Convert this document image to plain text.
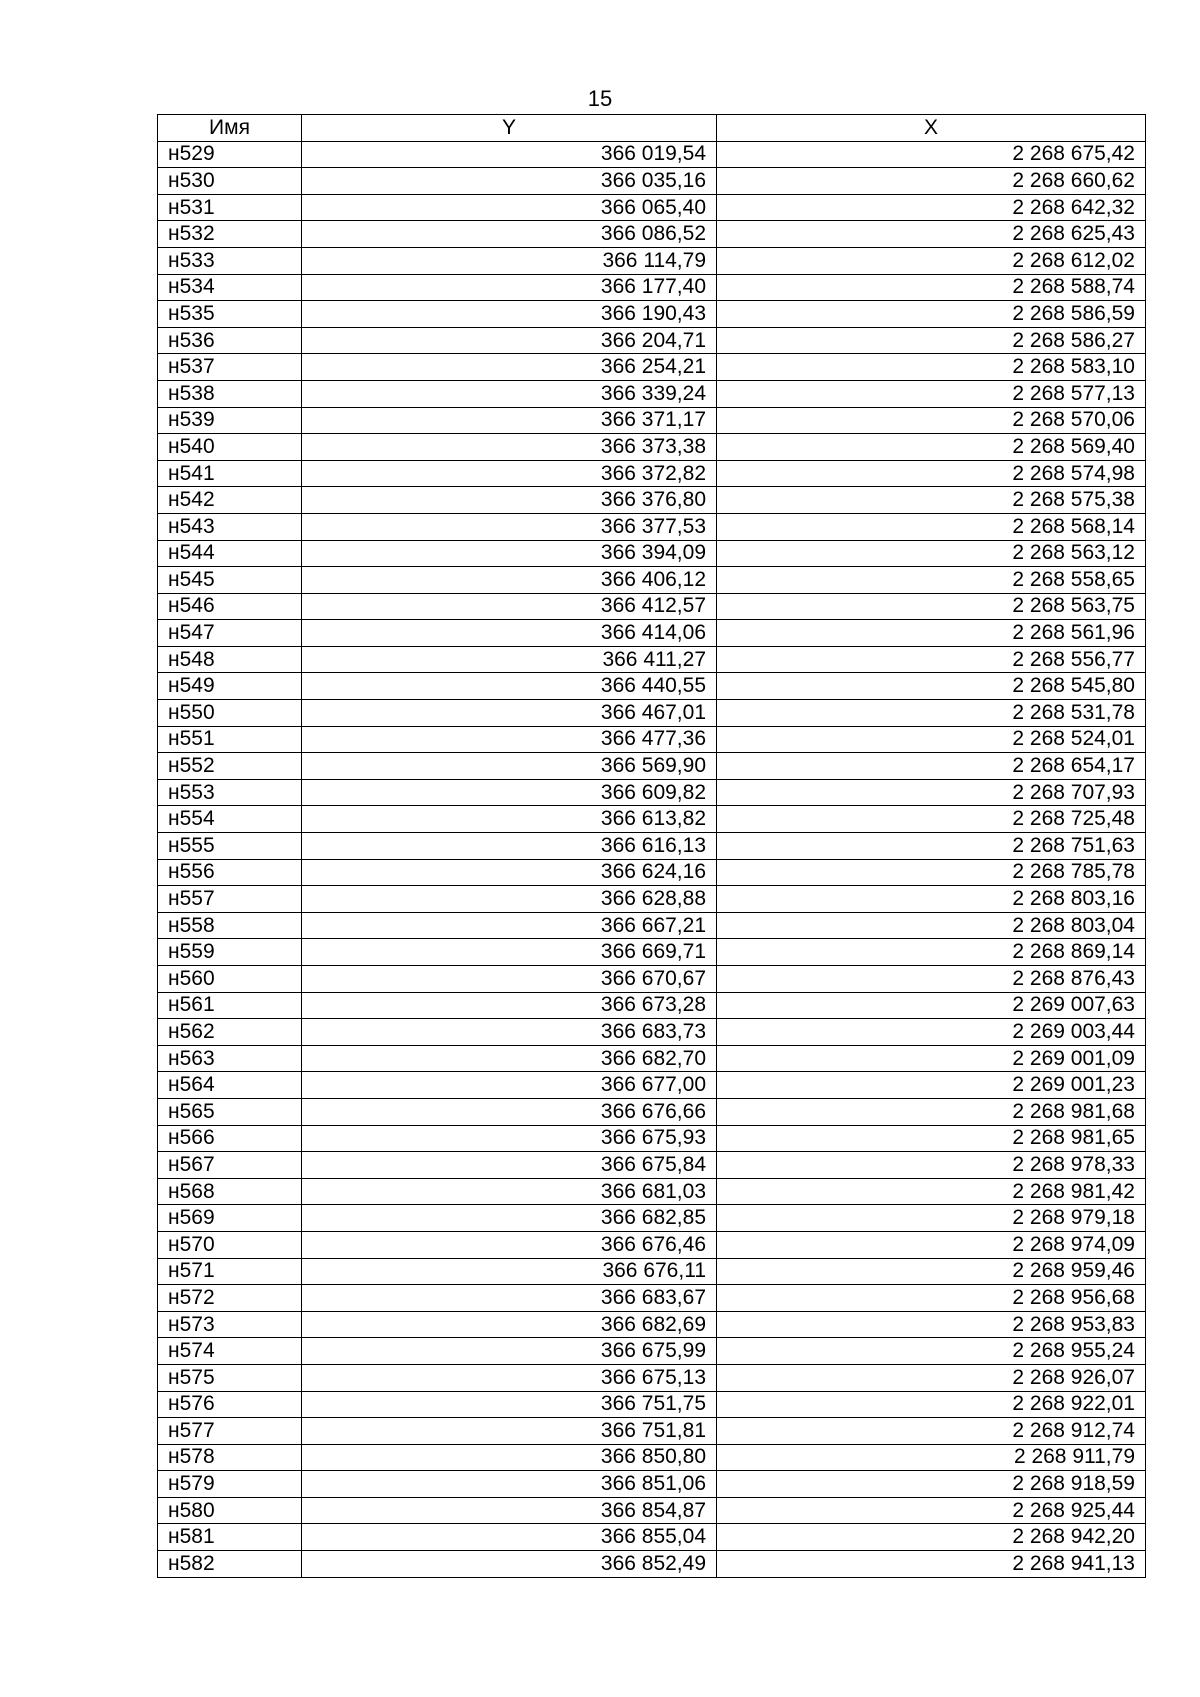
15
Имя	Y	X
н529	366 019,54	2 268 675,42
н530	366 035,16	2 268 660,62
н531	366 065,40	2 268 642,32
н532	366 086,52	2 268 625,43
н533	366 114,79	2 268 612,02
н534	366 177,40	2 268 588,74
н535	366 190,43	2 268 586,59
н536	366 204,71	2 268 586,27
н537	366 254,21	2 268 583,10
н538	366 339,24	2 268 577,13
н539	366 371,17	2 268 570,06
н540	366 373,38	2 268 569,40
н541	366 372,82	2 268 574,98
н542	366 376,80	2 268 575,38
н543	366 377,53	2 268 568,14
н544	366 394,09	2 268 563,12
н545	366 406,12	2 268 558,65
н546	366 412,57	2 268 563,75
н547	366 414,06	2 268 561,96
н548	366 411,27	2 268 556,77
н549	366 440,55	2 268 545,80
н550	366 467,01	2 268 531,78
н551	366 477,36	2 268 524,01
н552	366 569,90	2 268 654,17
н553	366 609,82	2 268 707,93
н554	366 613,82	2 268 725,48
н555	366 616,13	2 268 751,63
н556	366 624,16	2 268 785,78
н557	366 628,88	2 268 803,16
н558	366 667,21	2 268 803,04
н559	366 669,71	2 268 869,14
н560	366 670,67	2 268 876,43
н561	366 673,28	2 269 007,63
н562	366 683,73	2 269 003,44
н563	366 682,70	2 269 001,09
н564	366 677,00	2 269 001,23
н565	366 676,66	2 268 981,68
н566	366 675,93	2 268 981,65
н567	366 675,84	2 268 978,33
н568	366 681,03	2 268 981,42
н569	366 682,85	2 268 979,18
н570	366 676,46	2 268 974,09
н571	366 676,11	2 268 959,46
н572	366 683,67	2 268 956,68
н573	366 682,69	2 268 953,83
н574	366 675,99	2 268 955,24
н575	366 675,13	2 268 926,07
н576	366 751,75	2 268 922,01
н577	366 751,81	2 268 912,74
н578	366 850,80	2 268 911,79
н579	366 851,06	2 268 918,59
н580	366 854,87	2 268 925,44
н581	366 855,04	2 268 942,20
н582	366 852,49	2 268 941,13
